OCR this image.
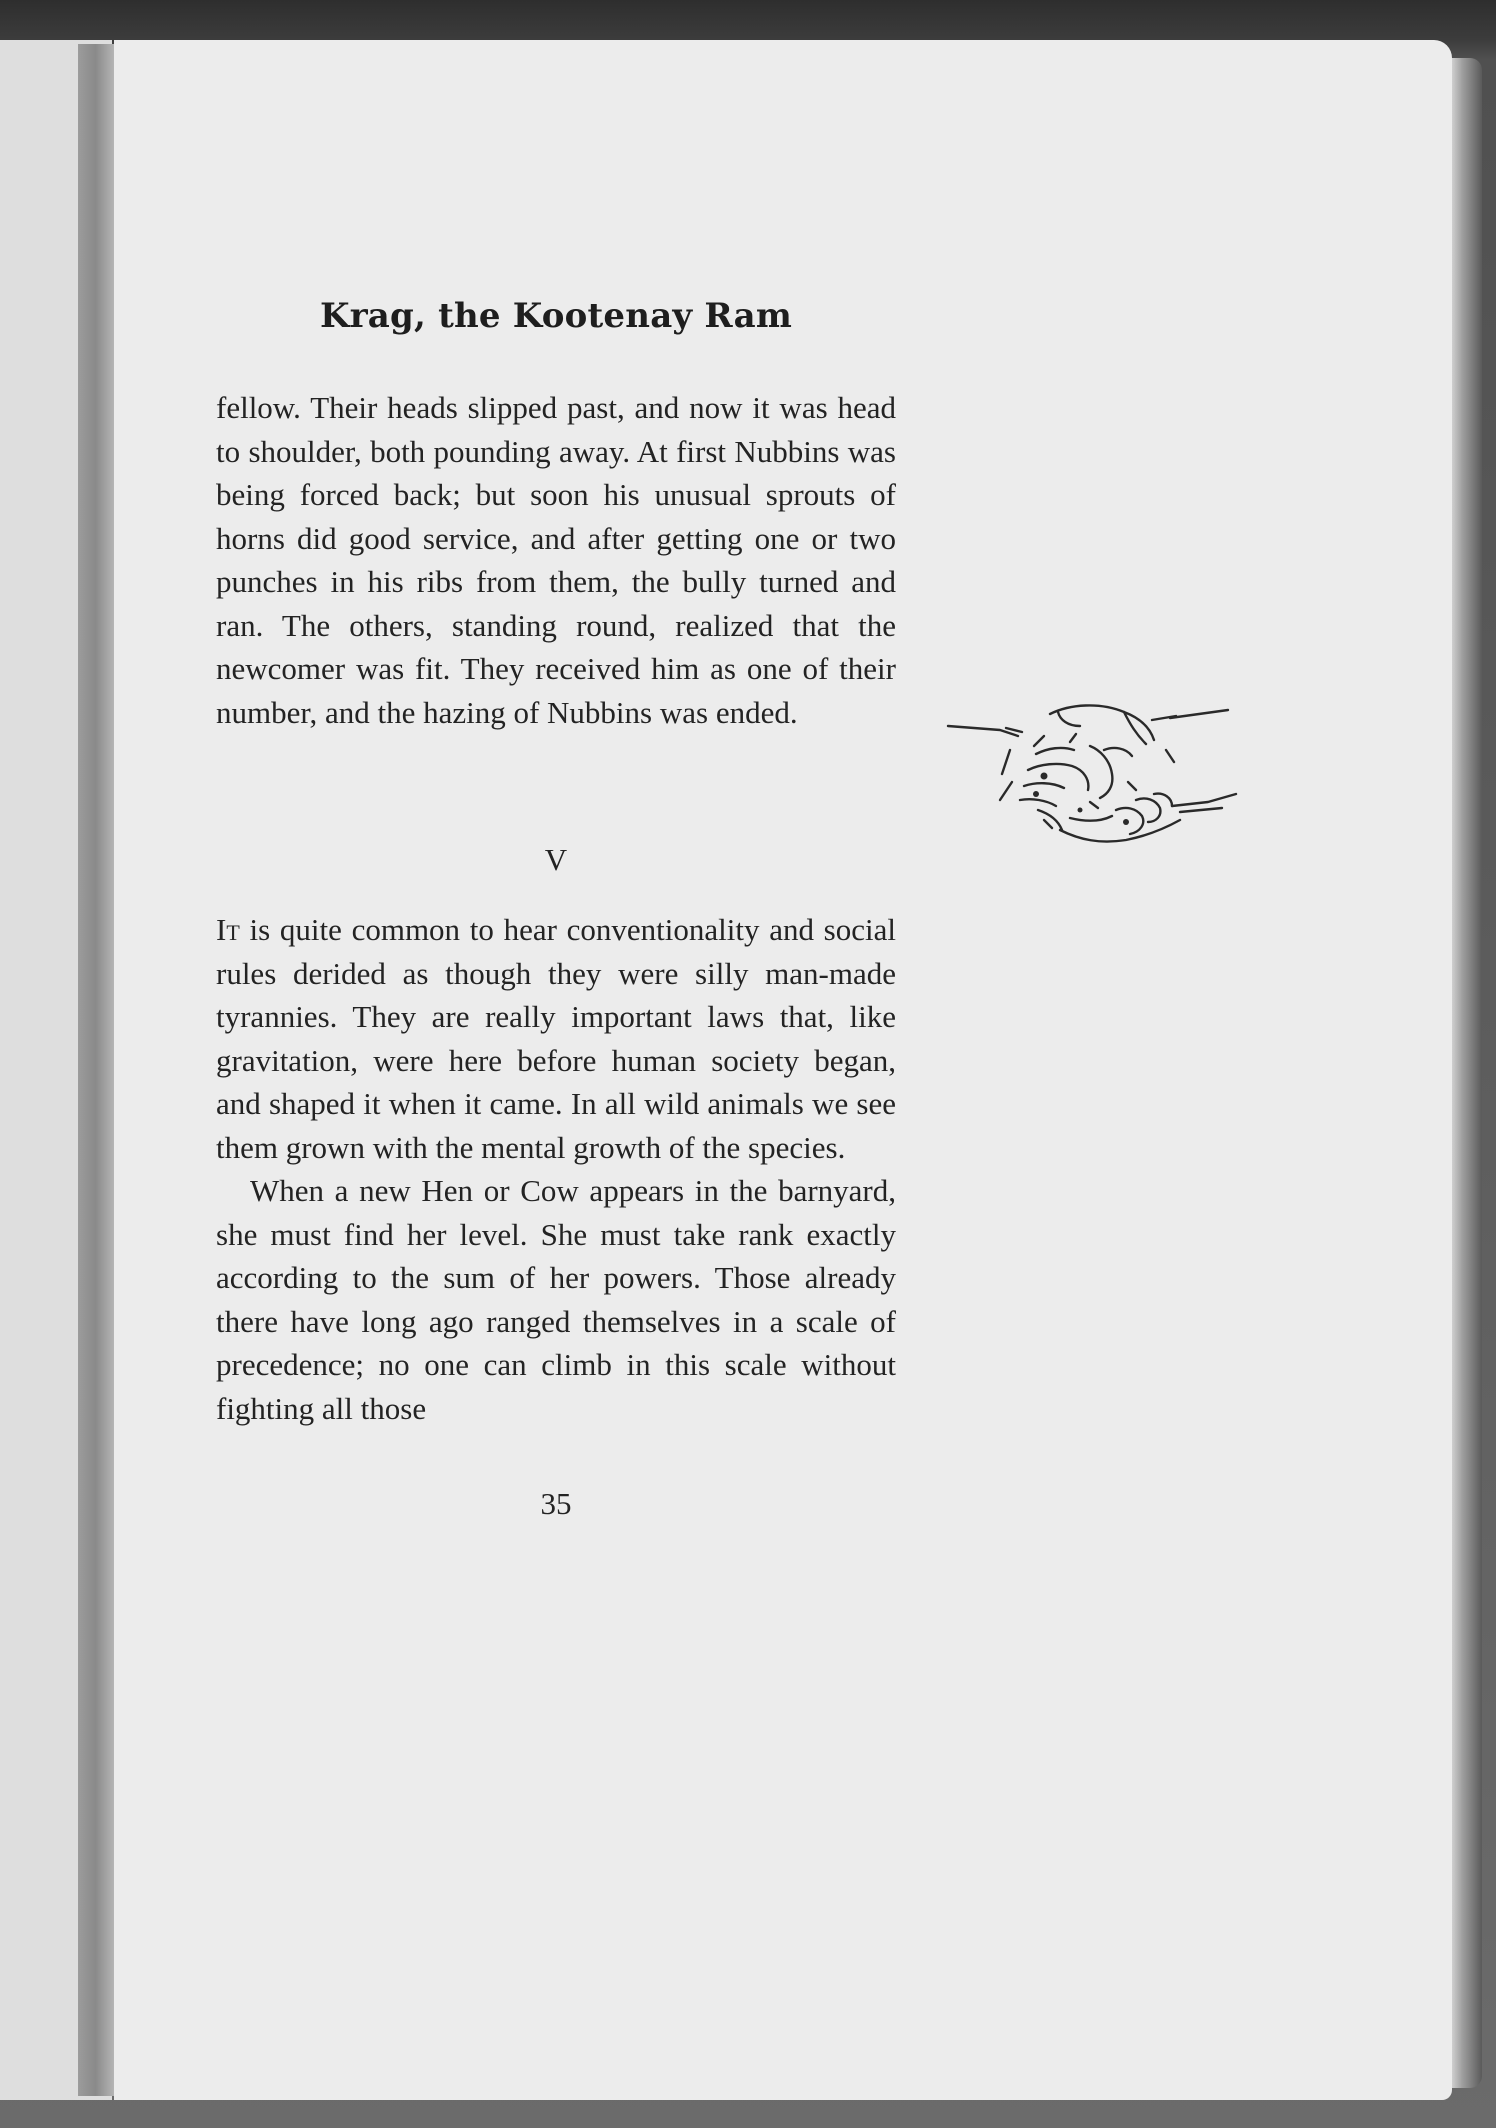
Krag, the Kootenay Ram

fellow. Their heads slipped past, and now it was head to shoulder, both pounding away. At first Nubbins was being forced back; but soon his unusual sprouts of horns did good service, and after getting one or two punches in his ribs from them, the bully turned and ran. The others, standing round, realized that the newcomer was fit. They received him as one of their number, and the hazing of Nubbins was ended.

V

It is quite common to hear conventionality and social rules derided as though they were silly man-made tyrannies. They are really important laws that, like gravitation, were here before human society began, and shaped it when it came. In all wild animals we see them grown with the mental growth of the species.

When a new Hen or Cow appears in the barnyard, she must find her level. She must take rank exactly according to the sum of her powers. Those already there have long ago ranged themselves in a scale of precedence; no one can climb in this scale without fighting all those

35
